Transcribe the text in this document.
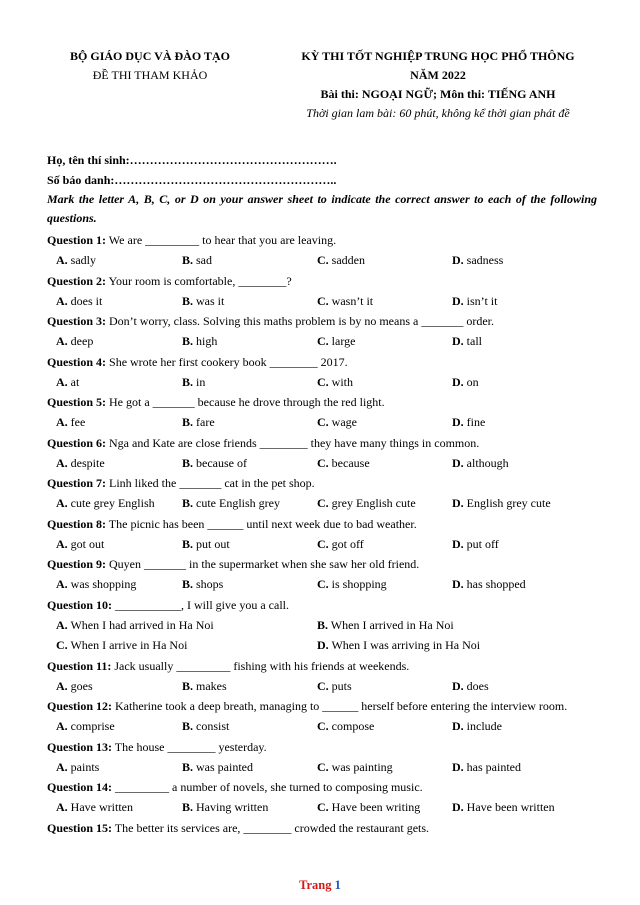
BỘ GIÁO DỤC VÀ ĐÀO TẠO
ĐỀ THI THAM KHẢO
KỲ THI TỐT NGHIỆP TRUNG HỌC PHỔ THÔNG
NĂM 2022
Bài thi: NGOẠI NGỮ; Môn thi: TIẾNG ANH
Thời gian lam bài: 60 phút, không kể thời gian phát đề
Họ, tên thí sinh:…………………………………………….
Số báo danh:………………………………………………..
Mark the letter A, B, C, or D on your answer sheet to indicate the correct answer to each of the following questions.
Question 1: We are _________ to hear that you are leaving.
A. sadly	B. sad	C. sadden	D. sadness
Question 2: Your room is comfortable, ________?
A. does it	B. was it	C. wasn’t it	D. isn’t it
Question 3: Don’t worry, class. Solving this maths problem is by no means a _______ order.
A. deep	B. high	C. large	D. tall
Question 4: She wrote her first cookery book ________ 2017.
A. at	B. in	C. with	D. on
Question 5: He got a _______ because he drove through the red light.
A. fee	B. fare	C. wage	D. fine
Question 6: Nga and Kate are close friends ________ they have many things in common.
A. despite	B. because of	C. because	D. although
Question 7: Linh liked the _______ cat in the pet shop.
A. cute grey English	B. cute English grey	C. grey English cute	D. English grey cute
Question 8: The picnic has been ______ until next week due to bad weather.
A. got out	B. put out	C. got off	D. put off
Question 9: Quyen _______ in the supermarket when she saw her old friend.
A. was shopping	B. shops	C. is shopping	D. has shopped
Question 10: ___________, I will give you a call.
A. When I had arrived in Ha Noi	B. When I arrived in Ha Noi
C. When I arrive in Ha Noi	D. When I was arriving in Ha Noi
Question 11: Jack usually _________ fishing with his friends at weekends.
A. goes	B. makes	C. puts	D. does
Question 12: Katherine took a deep breath, managing to ______ herself before entering the interview room.
A. comprise	B. consist	C. compose	D. include
Question 13: The house ________ yesterday.
A. paints	B. was painted	C. was painting	D. has painted
Question 14: _________ a number of novels, she turned to composing music.
A. Have written	B. Having written	C. Have been writing	D. Have been written
Question 15: The better its services are, ________ crowded the restaurant gets.
Trang 1
